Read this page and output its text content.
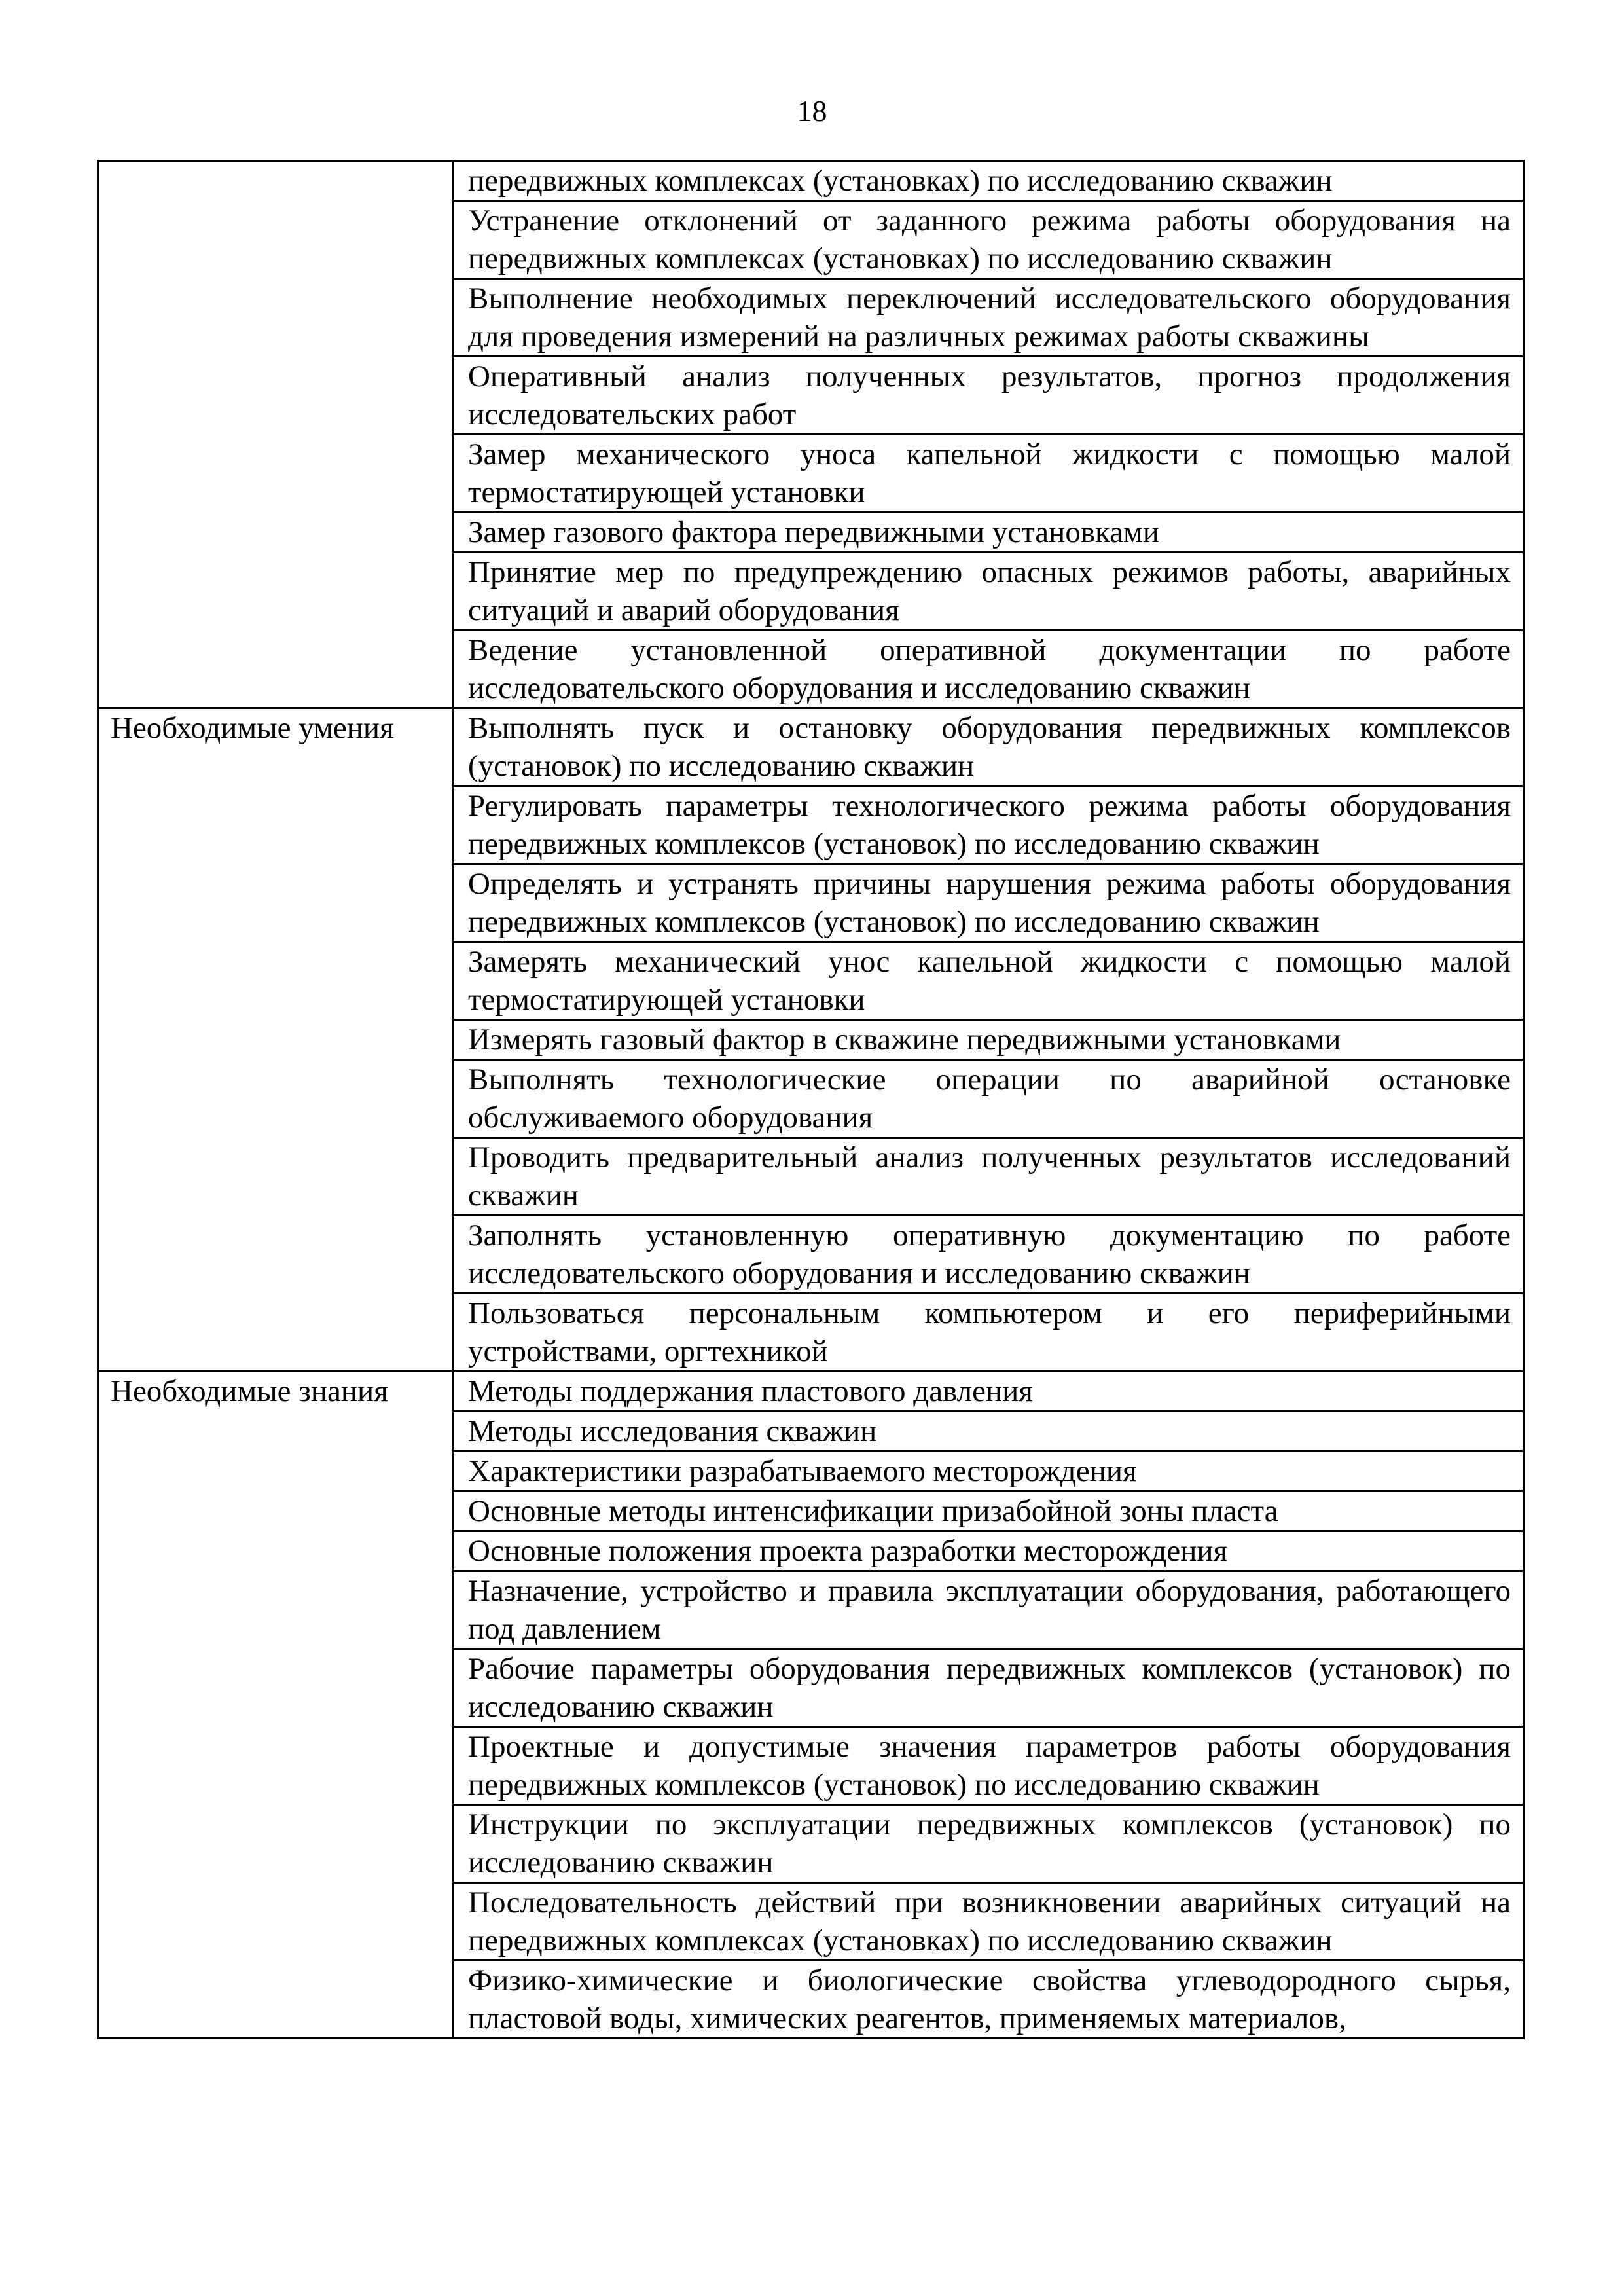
18

	передвижных комплексах (установках) по исследованию скважин

	Устранение отклонений от заданного режима работы оборудования на передвижных комплексах (установках) по исследованию скважин

	Выполнение необходимых переключений исследовательского оборудования для проведения измерений на различных режимах работы скважины

	Оперативный анализ полученных результатов, прогноз продолжения исследовательских работ

	Замер механического уноса капельной жидкости с помощью малой термостатирующей установки

	Замер газового фактора передвижными установками

	Принятие мер по предупреждению опасных режимов работы, аварийных ситуаций и аварий оборудования

	Ведение установленной оперативной документации по работе исследовательского оборудования и исследованию скважин

Необходимые умения	Выполнять пуск и остановку оборудования передвижных комплексов (установок) по исследованию скважин

	Регулировать параметры технологического режима работы оборудования передвижных комплексов (установок) по исследованию скважин

	Определять и устранять причины нарушения режима работы оборудования передвижных комплексов (установок) по исследованию скважин

	Замерять механический унос капельной жидкости с помощью малой термостатирующей установки

	Измерять газовый фактор в скважине передвижными установками

	Выполнять технологические операции по аварийной остановке обслуживаемого оборудования

	Проводить предварительный анализ полученных результатов исследований скважин

	Заполнять установленную оперативную документацию по работе исследовательского оборудования и исследованию скважин

	Пользоваться персональным компьютером и его периферийными устройствами, оргтехникой

Необходимые знания	Методы поддержания пластового давления

	Методы исследования скважин

	Характеристики разрабатываемого месторождения

	Основные методы интенсификации призабойной зоны пласта

	Основные положения проекта разработки месторождения

	Назначение, устройство и правила эксплуатации оборудования, работающего под давлением

	Рабочие параметры оборудования передвижных комплексов (установок) по исследованию скважин

	Проектные и допустимые значения параметров работы оборудования передвижных комплексов (установок) по исследованию скважин

	Инструкции по эксплуатации передвижных комплексов (установок) по исследованию скважин

	Последовательность действий при возникновении аварийных ситуаций на передвижных комплексах (установках) по исследованию скважин

	Физико-химические и биологические свойства углеводородного сырья, пластовой воды, химических реагентов, применяемых материалов,
